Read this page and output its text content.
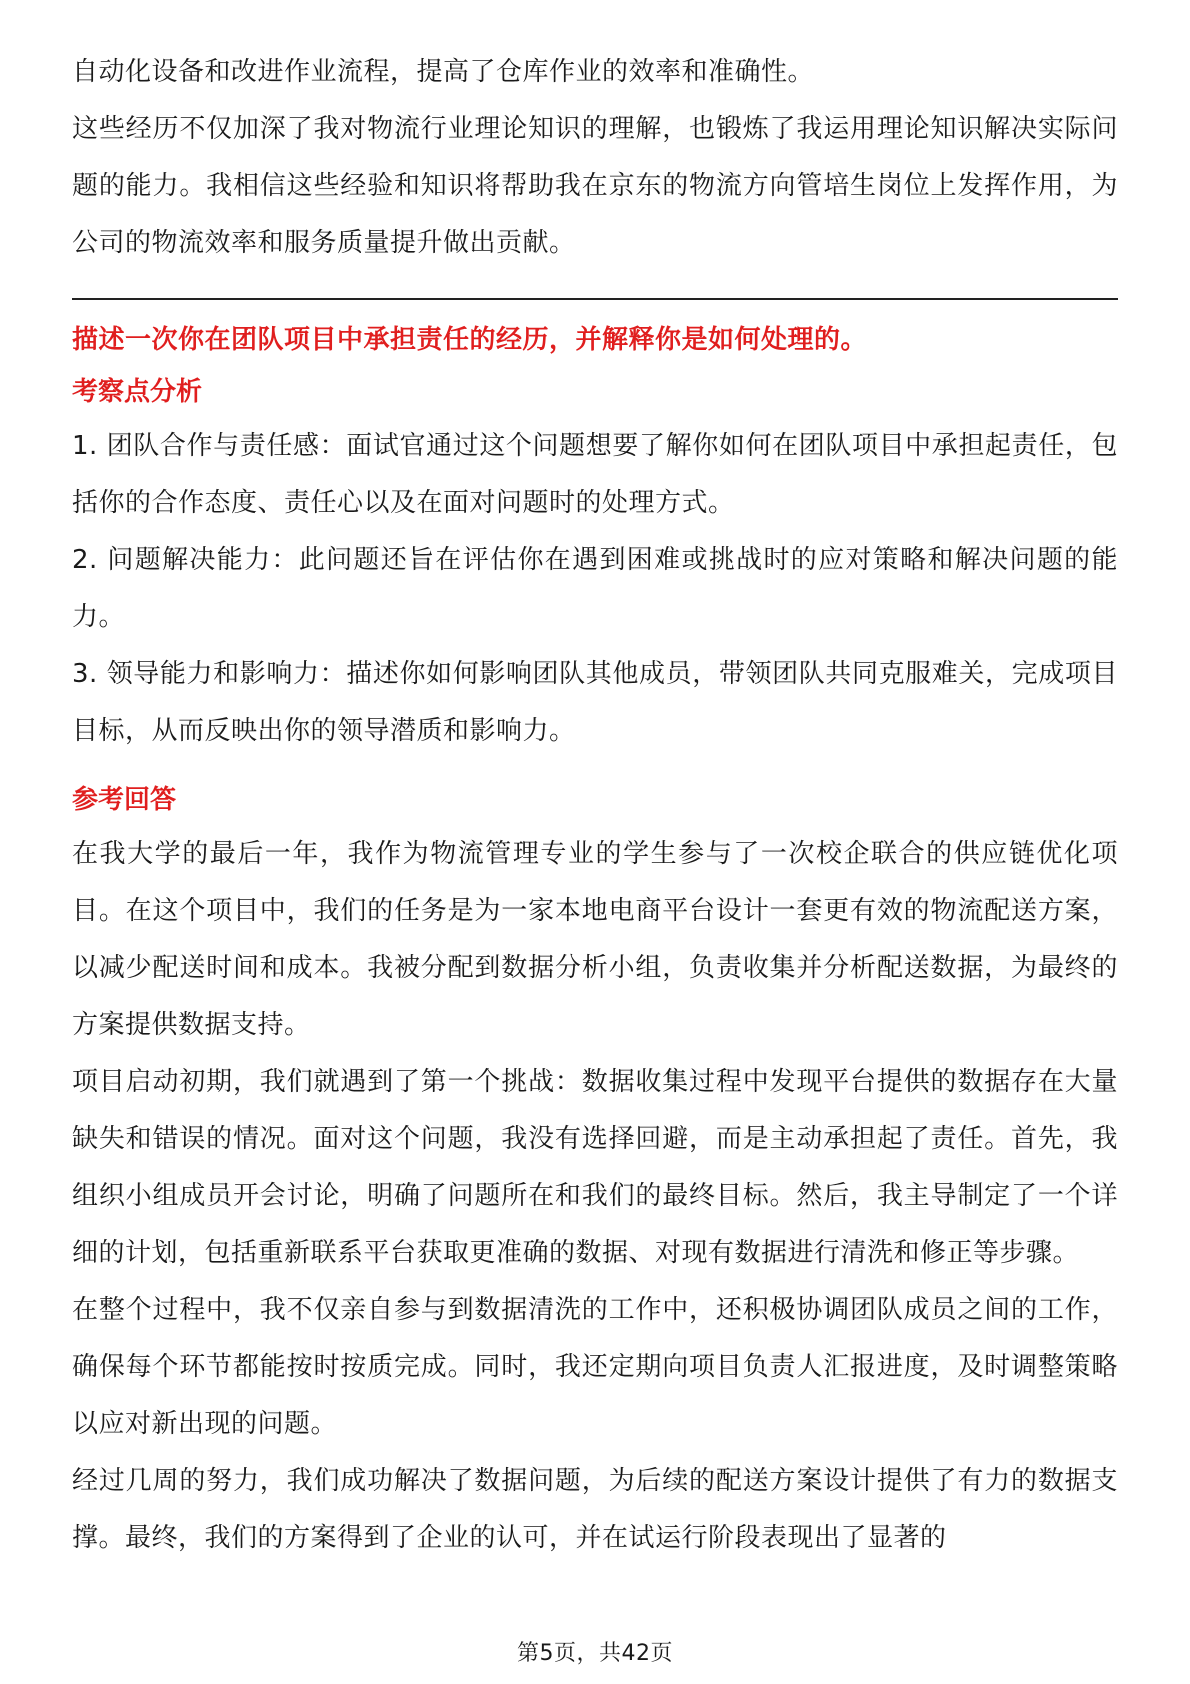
自动化设备和改进作业流程，提高了仓库作业的效率和准确性。

这些经历不仅加深了我对物流行业理论知识的理解，也锻炼了我运用理论知识解决实际问题的能力。我相信这些经验和知识将帮助我在京东的物流方向管培生岗位上发挥作用，为公司的物流效率和服务质量提升做出贡献。

描述一次你在团队项目中承担责任的经历，并解释你是如何处理的。

考察点分析

1. 团队合作与责任感：面试官通过这个问题想要了解你如何在团队项目中承担起责任，包括你的合作态度、责任心以及在面对问题时的处理方式。

2. 问题解决能力：此问题还旨在评估你在遇到困难或挑战时的应对策略和解决问题的能力。

3. 领导能力和影响力：描述你如何影响团队其他成员，带领团队共同克服难关，完成项目目标，从而反映出你的领导潜质和影响力。

参考回答

在我大学的最后一年，我作为物流管理专业的学生参与了一次校企联合的供应链优化项目。在这个项目中，我们的任务是为一家本地电商平台设计一套更有效的物流配送方案，以减少配送时间和成本。我被分配到数据分析小组，负责收集并分析配送数据，为最终的方案提供数据支持。

项目启动初期，我们就遇到了第一个挑战：数据收集过程中发现平台提供的数据存在大量缺失和错误的情况。面对这个问题，我没有选择回避，而是主动承担起了责任。首先，我组织小组成员开会讨论，明确了问题所在和我们的最终目标。然后，我主导制定了一个详细的计划，包括重新联系平台获取更准确的数据、对现有数据进行清洗和修正等步骤。

在整个过程中，我不仅亲自参与到数据清洗的工作中，还积极协调团队成员之间的工作，确保每个环节都能按时按质完成。同时，我还定期向项目负责人汇报进度，及时调整策略以应对新出现的问题。

经过几周的努力，我们成功解决了数据问题，为后续的配送方案设计提供了有力的数据支撑。最终，我们的方案得到了企业的认可，并在试运行阶段表现出了显著的

第5页，共42页
